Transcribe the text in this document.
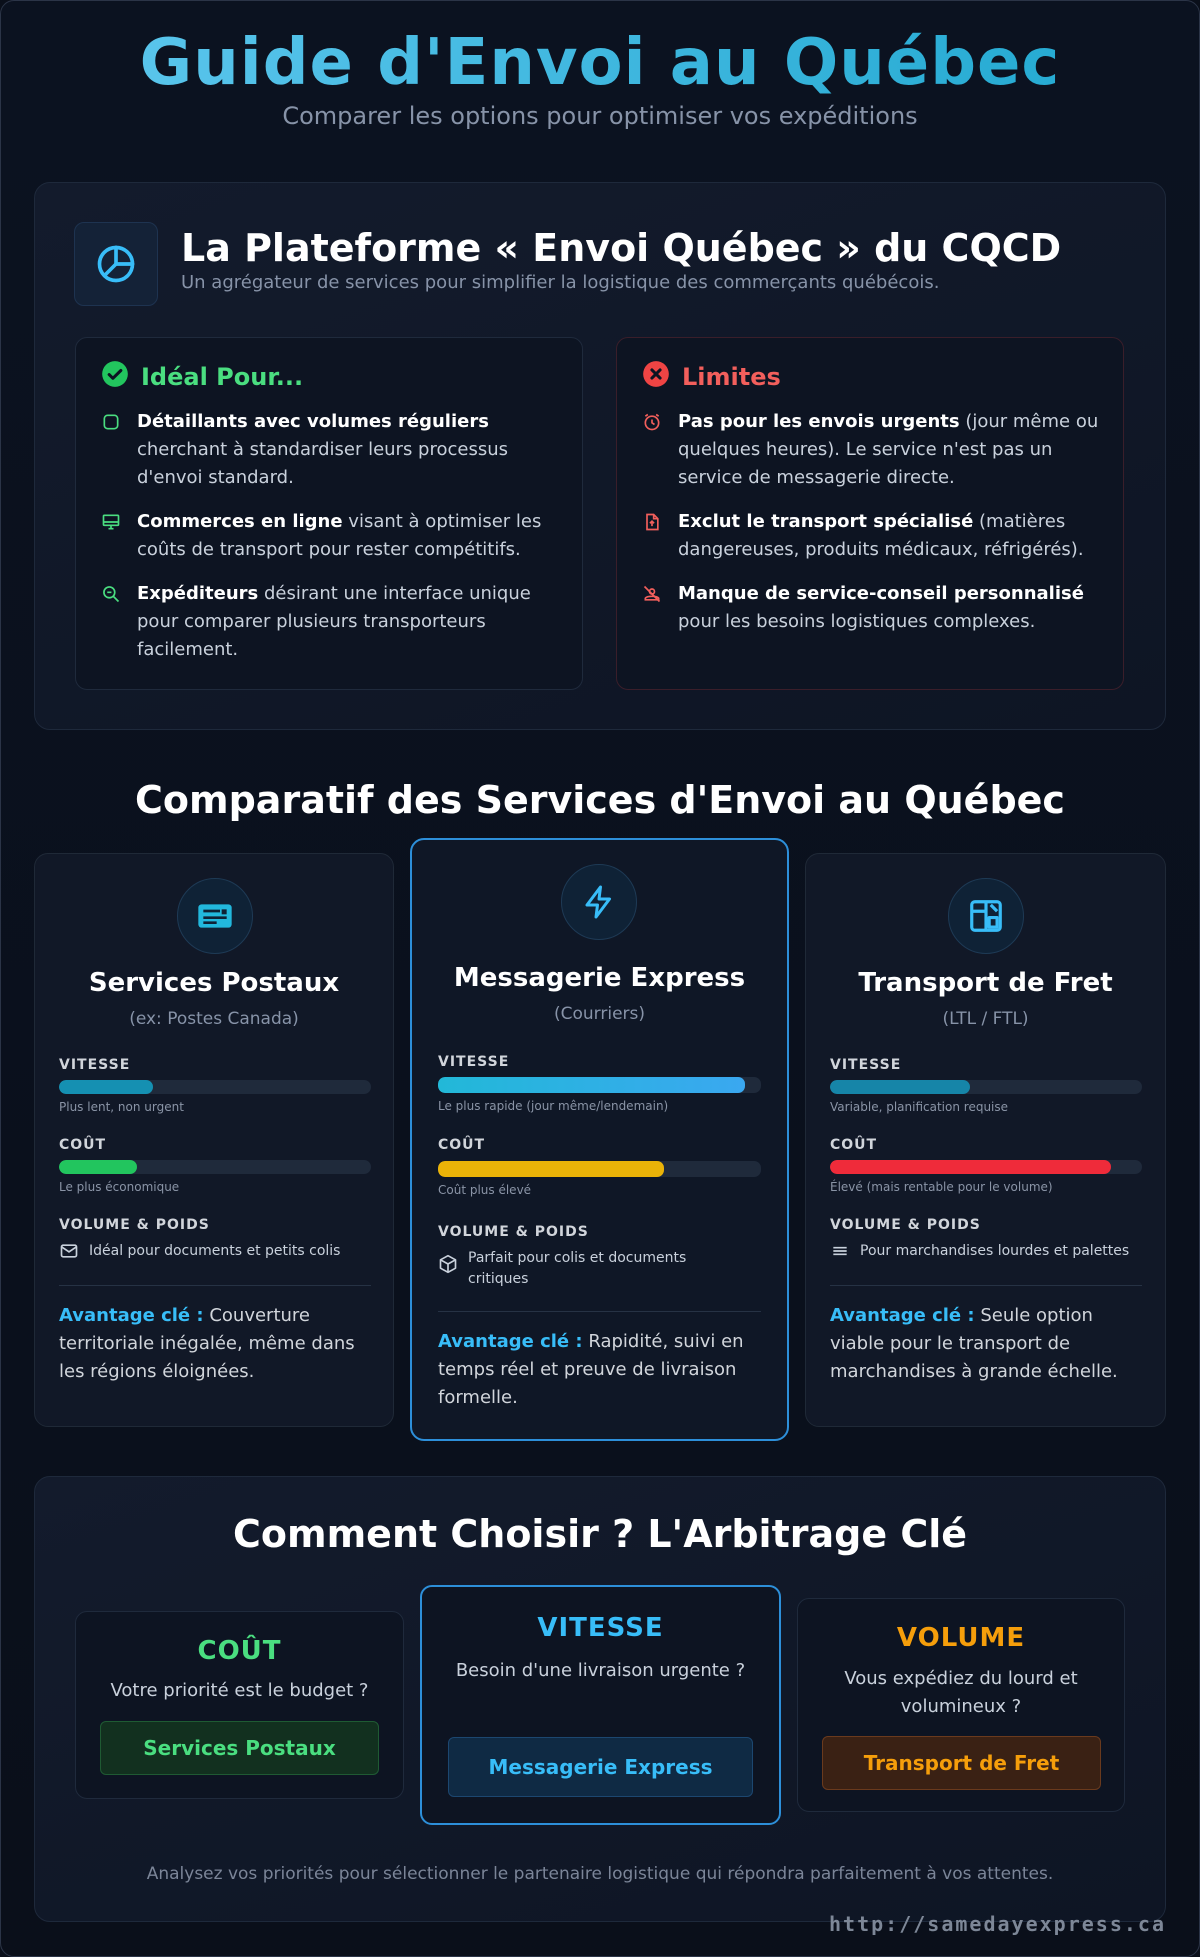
Guide d'Envoi au Québec
Comparer les options pour optimiser vos expéditions
La Plateforme « Envoi Québec » du CQCD
Un agrégateur de services pour simplifier la logistique des commerçants québécois.
Idéal Pour...
Détaillants avec volumes réguliers cherchant à standardiser leurs processus d'envoi standard.
Commerces en ligne visant à optimiser les coûts de transport pour rester compétitifs.
Expéditeurs désirant une interface unique pour comparer plusieurs transporteurs facilement.
Limites
Pas pour les envois urgents (jour même ou quelques heures). Le service n'est pas un service de messagerie directe.
Exclut le transport spécialisé (matières dangereuses, produits médicaux, réfrigérés).
Manque de service-conseil personnalisé pour les besoins logistiques complexes.
Comparatif des Services d'Envoi au Québec
Services Postaux
(ex: Postes Canada)
VITESSE
Plus lent, non urgent
COÛT
Le plus économique
VOLUME & POIDS
Idéal pour documents et petits colis
Avantage clé : Couverture territoriale inégalée, même dans les régions éloignées.
Messagerie Express
(Courriers)
VITESSE
Le plus rapide (jour même/lendemain)
COÛT
Coût plus élevé
VOLUME & POIDS
Parfait pour colis et documents critiques
Avantage clé : Rapidité, suivi en temps réel et preuve de livraison formelle.
Transport de Fret
(LTL / FTL)
VITESSE
Variable, planification requise
COÛT
Élevé (mais rentable pour le volume)
VOLUME & POIDS
Pour marchandises lourdes et palettes
Avantage clé : Seule option viable pour le transport de marchandises à grande échelle.
Comment Choisir ? L'Arbitrage Clé
COÛT
Votre priorité est le budget ?
Services Postaux
VITESSE
Besoin d'une livraison urgente ?
Messagerie Express
VOLUME
Vous expédiez du lourd et volumineux ?
Transport de Fret
Analysez vos priorités pour sélectionner le partenaire logistique qui répondra parfaitement à vos attentes.
http://samedayexpress.ca
